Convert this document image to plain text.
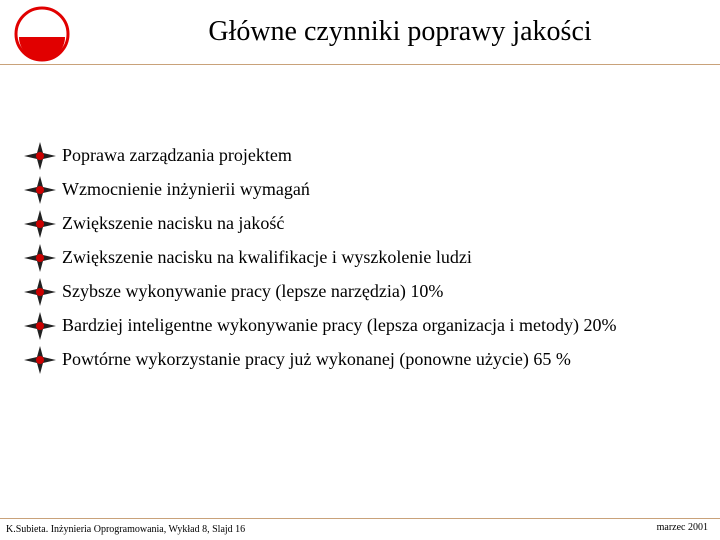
Główne czynniki poprawy jakości
Poprawa zarządzania projektem
Wzmocnienie inżynierii wymagań
Zwiększenie nacisku na jakość
Zwiększenie nacisku na kwalifikacje i wyszkolenie ludzi
Szybsze wykonywanie pracy (lepsze narzędzia) 10%
Bardziej inteligentne wykonywanie pracy (lepsza organizacja i metody) 20%
Powtórne wykorzystanie pracy już wykonanej (ponowne użycie) 65 %
K.Subieta. Inżynieria Oprogramowania, Wykład 8, Slajd 16	marzec 2001
